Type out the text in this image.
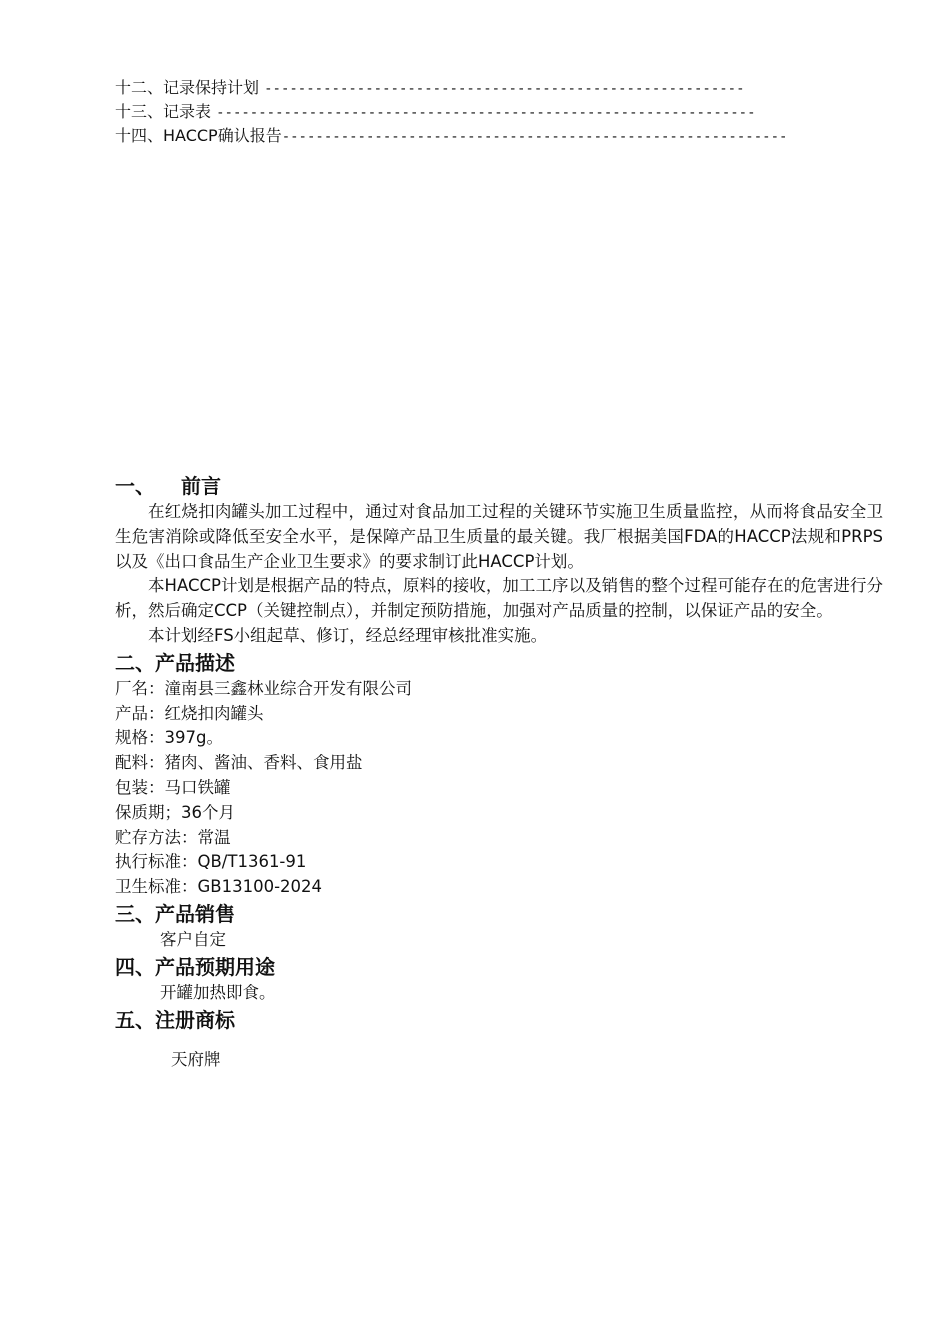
十二、记录保持计划 ---------------------------------------------------------
十三、记录表 ----------------------------------------------------------------
十四、HACCP确认报告------------------------------------------------------------
一、 前言

在红烧扣肉罐头加工过程中，通过对食品加工过程的关键环节实施卫生质量监控，从而将食品安全卫生危害消除或降低至安全水平，是保障产品卫生质量的最关键。我厂根据美国FDA的HACCP法规和PRPS以及《出口食品生产企业卫生要求》的要求制订此HACCP计划。

本HACCP计划是根据产品的特点，原料的接收，加工工序以及销售的整个过程可能存在的危害进行分析，然后确定CCP（关键控制点），并制定预防措施，加强对产品质量的控制，以保证产品的安全。

本计划经FS小组起草、修订，经总经理审核批准实施。

二、产品描述

厂名：潼南县三鑫林业综合开发有限公司

产品：红烧扣肉罐头

规格：397g。

配料：猪肉、酱油、香料、食用盐

包装：马口铁罐

保质期；36个月

贮存方法：常温

执行标准：QB/T1361-91

卫生标准：GB13100-2024

三、产品销售

客户自定

四、产品预期用途

开罐加热即食。

五、注册商标

天府牌
